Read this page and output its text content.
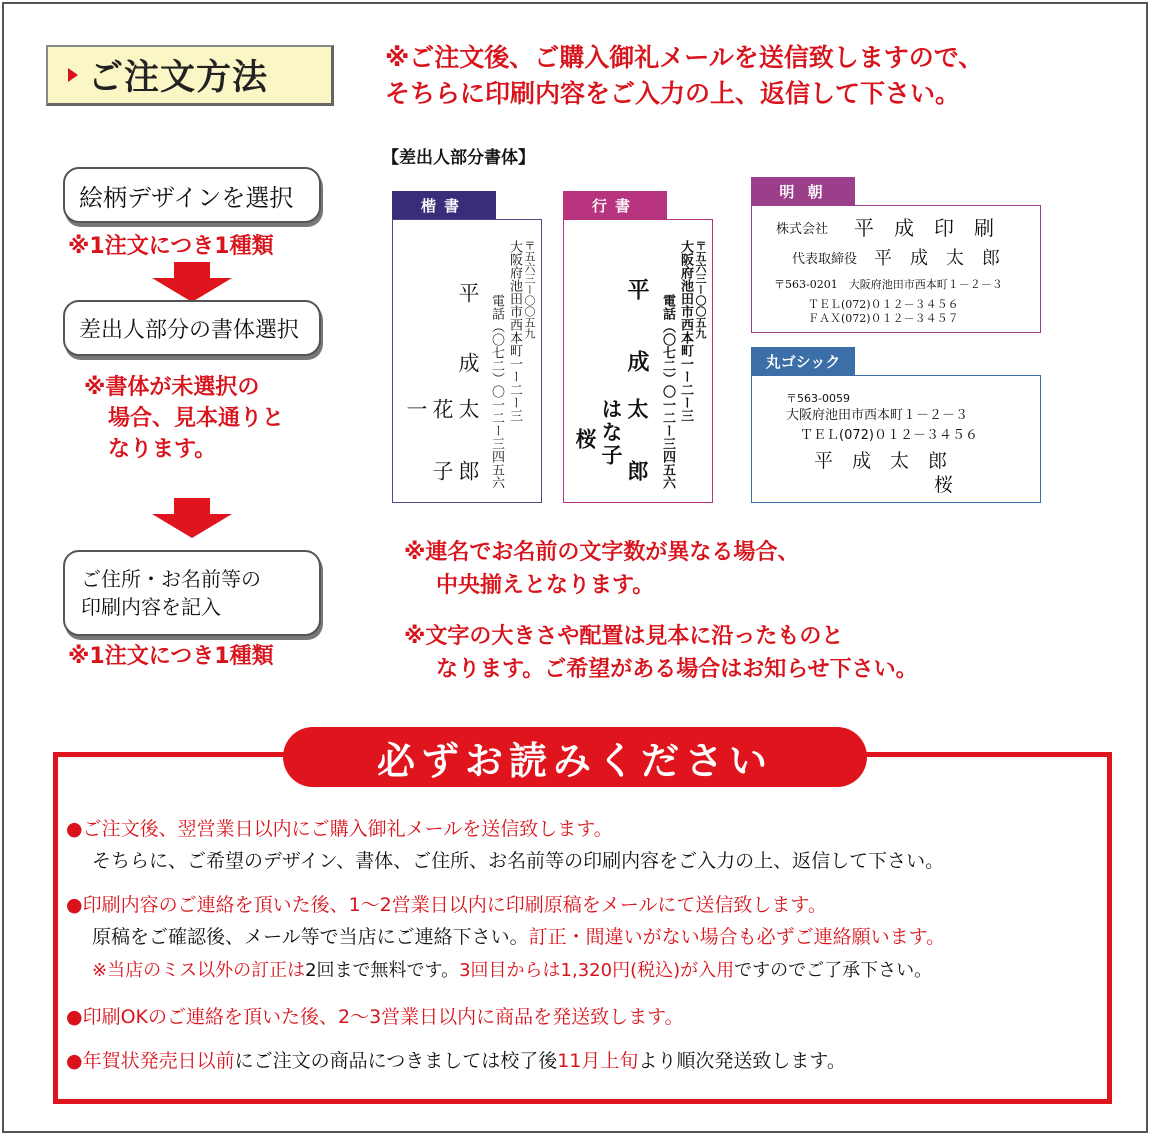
ご注文方法
※ご注文後、ご購入御礼メールを送信致しますので、
そちらに印刷内容をご入力の上、返信して下さい。
絵柄デザインを選択
※1注文につき1種類
差出人部分の書体選択
※書体が未選択の
場合、見本通りと
なります。
ご住所・お名前等の
印刷内容を記入
※1注文につき1種類
【差出人部分書体】
楷書
〒五六三ー〇〇五九
大阪府池田市西本町一ー二ー三
電話（〇七二）〇一二ー三四五六
平　成
太　郎
花　子
一
行書
〒五六三ー〇〇五九
大阪府池田市西本町一ー二ー三
電話（〇七二）〇一二ー三四五六
平　成
太　郎
はな子
桜
明 朝
株式会社 平　成　印　刷
代表取締役 平　成　太　郎
〒563-0201　大阪府池田市西本町１－２－３
ＴＥＬ(072)０１２－３４５６
ＦＡＸ(072)０１２－３４５７
丸ゴシック
〒563-0059
大阪府池田市西本町１－２－３
ＴＥＬ(072)０１２－３４５６
平　成　太　郎
桜
※連名でお名前の文字数が異なる場合、
中央揃えとなります。
※文字の大きさや配置は見本に沿ったものと
なります。ご希望がある場合はお知らせ下さい。
必ずお読みください
●ご注文後、翌営業日以内にご購入御礼メールを送信致します。
そちらに、ご希望のデザイン、書体、ご住所、お名前等の印刷内容をご入力の上、返信して下さい。
●印刷内容のご連絡を頂いた後、1～2営業日以内に印刷原稿をメールにて送信致します。
原稿をご確認後、メール等で当店にご連絡下さい。訂正・間違いがない場合も必ずご連絡願います。
※当店のミス以外の訂正は2回まで無料です。3回目からは1,320円(税込)が入用ですのでご了承下さい。
●印刷OKのご連絡を頂いた後、2～3営業日以内に商品を発送致します。
●年賀状発売日以前にご注文の商品につきましては校了後11月上旬より順次発送致します。
